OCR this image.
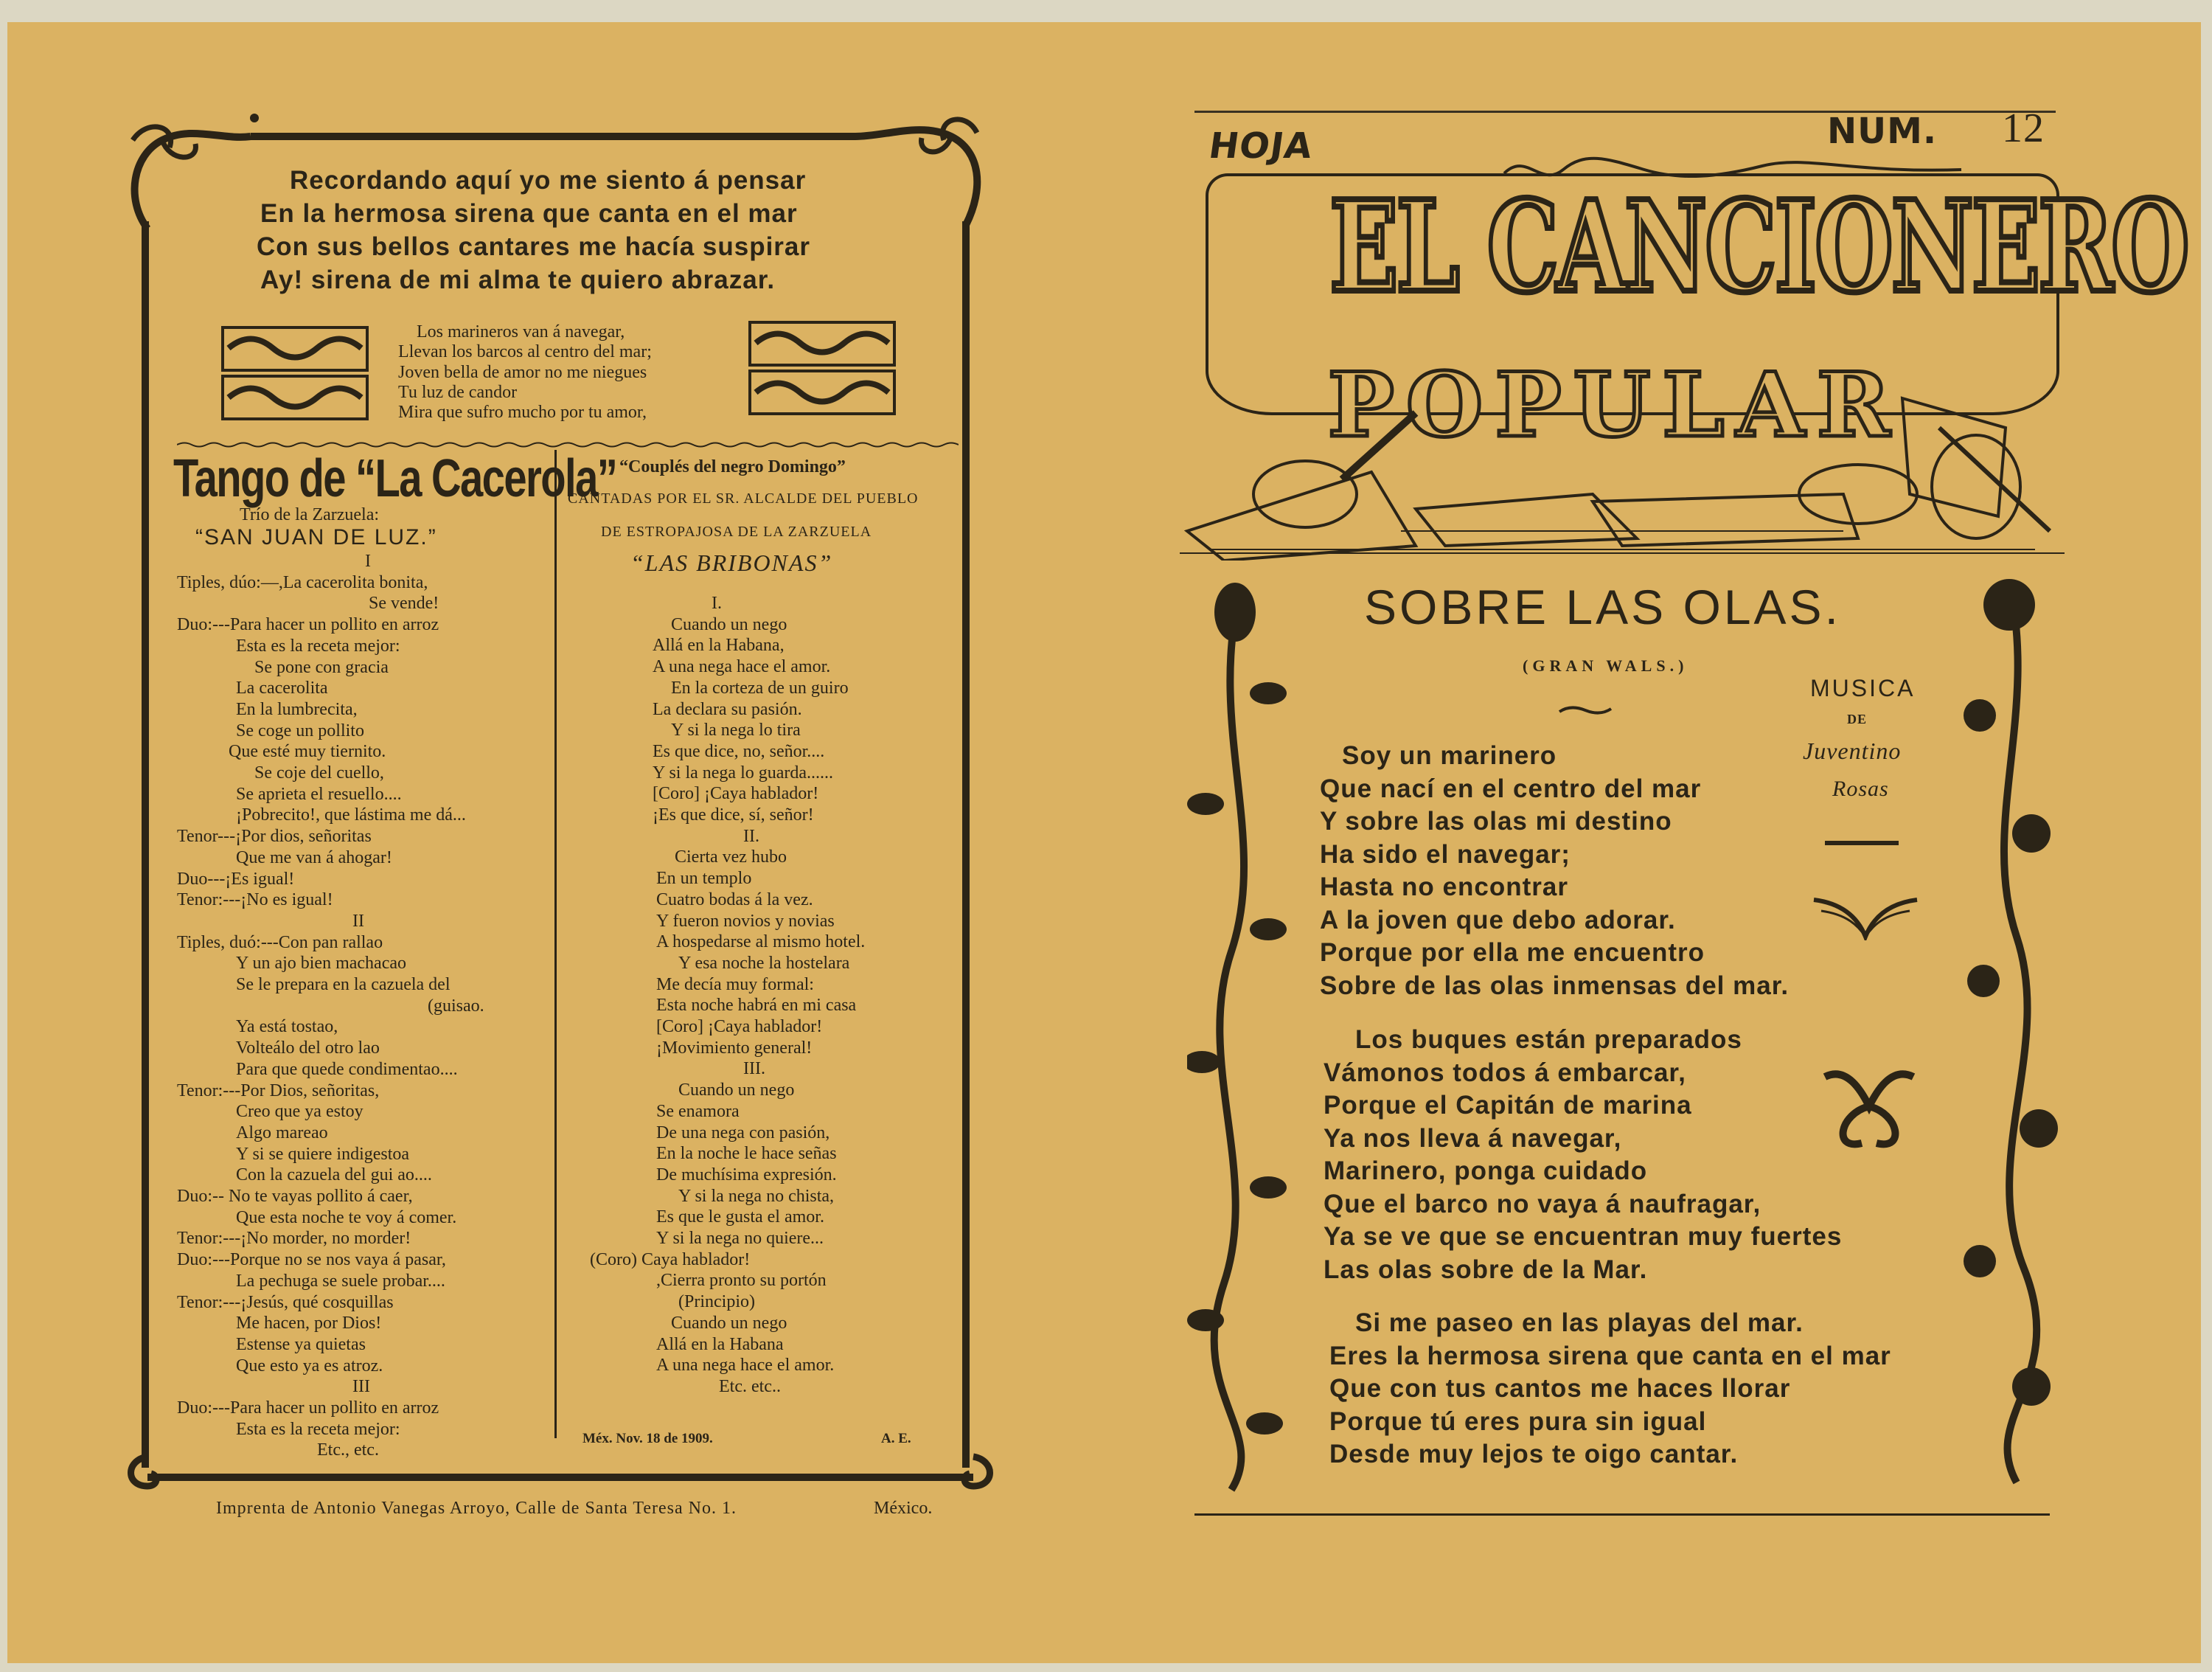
Recordando aquí yo me siento á pensar
En la hermosa sirena que canta en el mar
Con sus bellos cantares me hacía suspirar
Ay! sirena de mi alma te quiero abrazar.
Los marineros van á navegar,
Llevan los barcos al centro del mar;
Joven bella de amor no me niegues
Tu luz de candor
Mira que sufro mucho por tu amor,
Tango de “La Cacerola”
Trío de la Zarzuela:
“SAN JUAN DE LUZ.”
I
Tiples, dúo:—,La cacerolita bonita,
Se vende!
Duo:---Para hacer un pollito en arroz
Esta es la receta mejor:
Se pone con gracia
La cacerolita
En la lumbrecita,
Se coge un pollito
Que esté muy tiernito.
Se coje del cuello,
Se aprieta el resuello....
¡Pobrecito!, que lástima me dá...
Tenor---¡Por dios, señoritas
Que me van á ahogar!
Duo---¡Es igual!
Tenor:---¡No es igual!
II
Tiples, duó:---Con pan rallao
Y un ajo bien machacao
Se le prepara en la cazuela del
(guisao.
Ya está tostao,
Volteálo del otro lao
Para que quede condimentao....
Tenor:---Por Dios, señoritas,
Creo que ya estoy
Algo mareao
Y si se quiere indigestoa
Con la cazuela del gui ao....
Duo:-- No te vayas pollito á caer,
Que esta noche te voy á comer.
Tenor:---¡No morder, no morder!
Duo:---Porque no se nos vaya á pasar,
La pechuga se suele probar....
Tenor:---¡Jesús, qué cosquillas
Me hacen, por Dios!
Estense ya quietas
Que esto ya es atroz.
III
Duo:---Para hacer un pollito en arroz
Esta es la receta mejor:
Etc., etc.
“Couplés del negro Domingo”
CANTADAS POR EL SR. ALCALDE DEL PUEBLO
DE ESTROPAJOSA DE LA ZARZUELA
“LAS BRIBONAS”
I.
Cuando un nego
Allá en la Habana,
A una nega hace el amor.
En la corteza de un guiro
La declara su pasión.
Y si la nega lo tira
Es que dice, no, señor....
Y si la nega lo guarda......
[Coro] ¡Caya hablador!
¡Es que dice, sí, señor!
II.
Cierta vez hubo
En un templo
Cuatro bodas á la vez.
Y fueron novios y novias
A hospedarse al mismo hotel.
Y esa noche la hostelara
Me decía muy formal:
Esta noche habrá en mi casa
[Coro] ¡Caya hablador!
¡Movimiento general!
III.
Cuando un nego
Se enamora
De una nega con pasión,
En la noche le hace señas
De muchísima expresión.
Y si la nega no chista,
Es que le gusta el amor.
Y si la nega no quiere...
(Coro) Caya hablador!
,Cierra pronto su portón
(Principio)
Cuando un nego
Allá en la Habana
A una nega hace el amor.
Etc. etc..
Méx. Nov. 18 de 1909.	A. E.
Imprenta de Antonio Vanegas Arroyo, Calle de Santa Teresa No. 1.	México.
HOJA	NUM. 12
EL CANCIONERO
POPULAR
SOBRE LAS OLAS.
(GRAN WALS.)
MUSICA
DE
Juventino
Rosas
Soy un marinero
Que nací en el centro del mar
Y sobre las olas mi destino
Ha sido el navegar;
Hasta no encontrar
A la joven que debo adorar.
Porque por ella me encuentro
Sobre de las olas inmensas del mar.
Los buques están preparados
Vámonos todos á embarcar,
Porque el Capitán de marina
Ya nos lleva á navegar,
Marinero, ponga cuidado
Que el barco no vaya á naufragar,
Ya se ve que se encuentran muy fuertes
Las olas sobre de la Mar.
Si me paseo en las playas del mar.
Eres la hermosa sirena que canta en el mar
Que con tus cantos me haces llorar
Porque tú eres pura sin igual
Desde muy lejos te oigo cantar.
